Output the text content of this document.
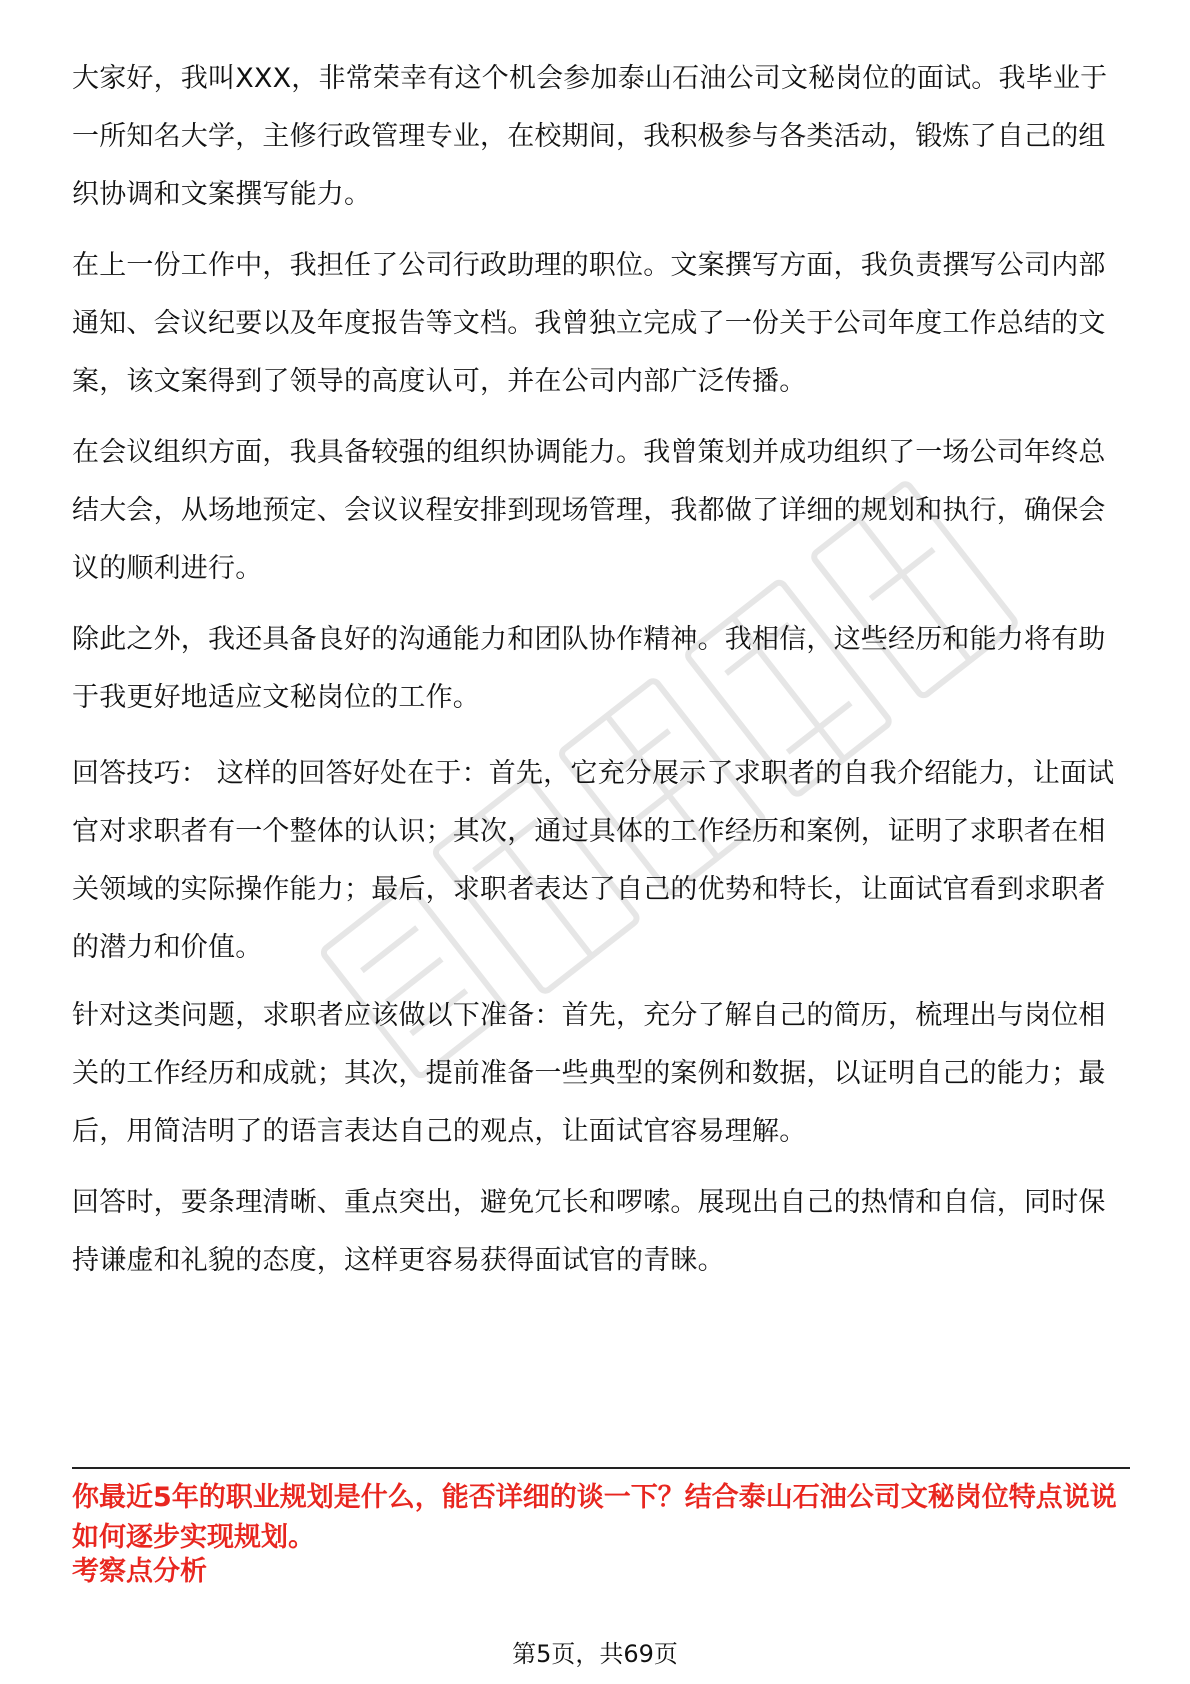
大家好，我叫XXX，非常荣幸有这个机会参加泰山石油公司文秘岗位的面试。我毕业于一所知名大学，主修行政管理专业，在校期间，我积极参与各类活动，锻炼了自己的组织协调和文案撰写能力。

在上一份工作中，我担任了公司行政助理的职位。文案撰写方面，我负责撰写公司内部通知、会议纪要以及年度报告等文档。我曾独立完成了一份关于公司年度工作总结的文案，该文案得到了领导的高度认可，并在公司内部广泛传播。

在会议组织方面，我具备较强的组织协调能力。我曾策划并成功组织了一场公司年终总结大会，从场地预定、会议议程安排到现场管理，我都做了详细的规划和执行，确保会议的顺利进行。

除此之外，我还具备良好的沟通能力和团队协作精神。我相信，这些经历和能力将有助于我更好地适应文秘岗位的工作。

回答技巧： 这样的回答好处在于：首先，它充分展示了求职者的自我介绍能力，让面试官对求职者有一个整体的认识；其次，通过具体的工作经历和案例，证明了求职者在相关领域的实际操作能力；最后，求职者表达了自己的优势和特长，让面试官看到求职者的潜力和价值。

针对这类问题，求职者应该做以下准备：首先，充分了解自己的简历，梳理出与岗位相关的工作经历和成就；其次，提前准备一些典型的案例和数据，以证明自己的能力；最后，用简洁明了的语言表达自己的观点，让面试官容易理解。

回答时，要条理清晰、重点突出，避免冗长和啰嗦。展现出自己的热情和自信，同时保持谦虚和礼貌的态度，这样更容易获得面试官的青睐。

你最近5年的职业规划是什么，能否详细的谈一下？结合泰山石油公司文秘岗位特点说说如何逐步实现规划。

考察点分析

第5页，共69页
